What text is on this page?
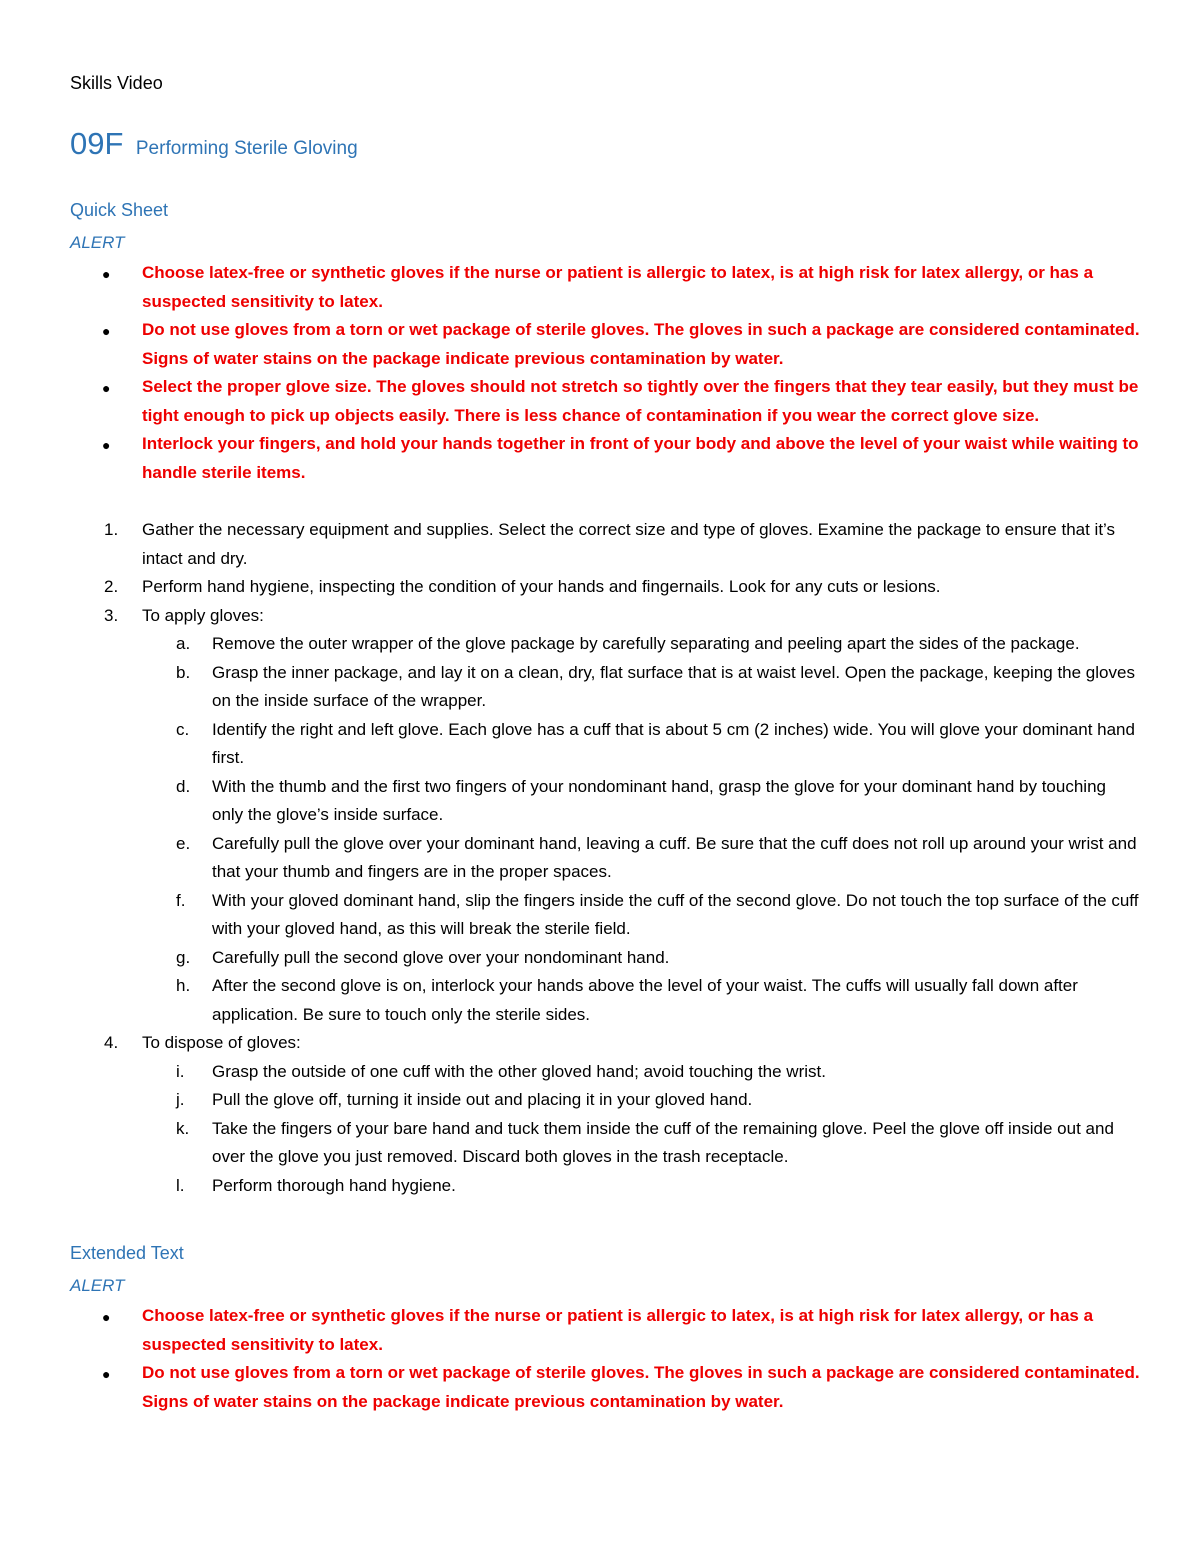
Skills Video
09F Performing Sterile Gloving
Quick Sheet
ALERT
● Choose latex-free or synthetic gloves if the nurse or patient is allergic to latex, is at high risk for latex allergy, or has a suspected sensitivity to latex.
● Do not use gloves from a torn or wet package of sterile gloves. The gloves in such a package are considered contaminated. Signs of water stains on the package indicate previous contamination by water.
● Select the proper glove size. The gloves should not stretch so tightly over the fingers that they tear easily, but they must be tight enough to pick up objects easily. There is less chance of contamination if you wear the correct glove size.
● Interlock your fingers, and hold your hands together in front of your body and above the level of your waist while waiting to handle sterile items.
1. Gather the necessary equipment and supplies. Select the correct size and type of gloves. Examine the package to ensure that it’s intact and dry.
2. Perform hand hygiene, inspecting the condition of your hands and fingernails. Look for any cuts or lesions.
3. To apply gloves:
a. Remove the outer wrapper of the glove package by carefully separating and peeling apart the sides of the package.
b. Grasp the inner package, and lay it on a clean, dry, flat surface that is at waist level. Open the package, keeping the gloves on the inside surface of the wrapper.
c. Identify the right and left glove. Each glove has a cuff that is about 5 cm (2 inches) wide. You will glove your dominant hand first.
d. With the thumb and the first two fingers of your nondominant hand, grasp the glove for your dominant hand by touching only the glove’s inside surface.
e. Carefully pull the glove over your dominant hand, leaving a cuff. Be sure that the cuff does not roll up around your wrist and that your thumb and fingers are in the proper spaces.
f. With your gloved dominant hand, slip the fingers inside the cuff of the second glove. Do not touch the top surface of the cuff with your gloved hand, as this will break the sterile field.
g. Carefully pull the second glove over your nondominant hand.
h. After the second glove is on, interlock your hands above the level of your waist. The cuffs will usually fall down after application. Be sure to touch only the sterile sides.
4. To dispose of gloves:
i. Grasp the outside of one cuff with the other gloved hand; avoid touching the wrist.
j. Pull the glove off, turning it inside out and placing it in your gloved hand.
k. Take the fingers of your bare hand and tuck them inside the cuff of the remaining glove. Peel the glove off inside out and over the glove you just removed. Discard both gloves in the trash receptacle.
l. Perform thorough hand hygiene.
Extended Text
ALERT
● Choose latex-free or synthetic gloves if the nurse or patient is allergic to latex, is at high risk for latex allergy, or has a suspected sensitivity to latex.
● Do not use gloves from a torn or wet package of sterile gloves. The gloves in such a package are considered contaminated. Signs of water stains on the package indicate previous contamination by water.
